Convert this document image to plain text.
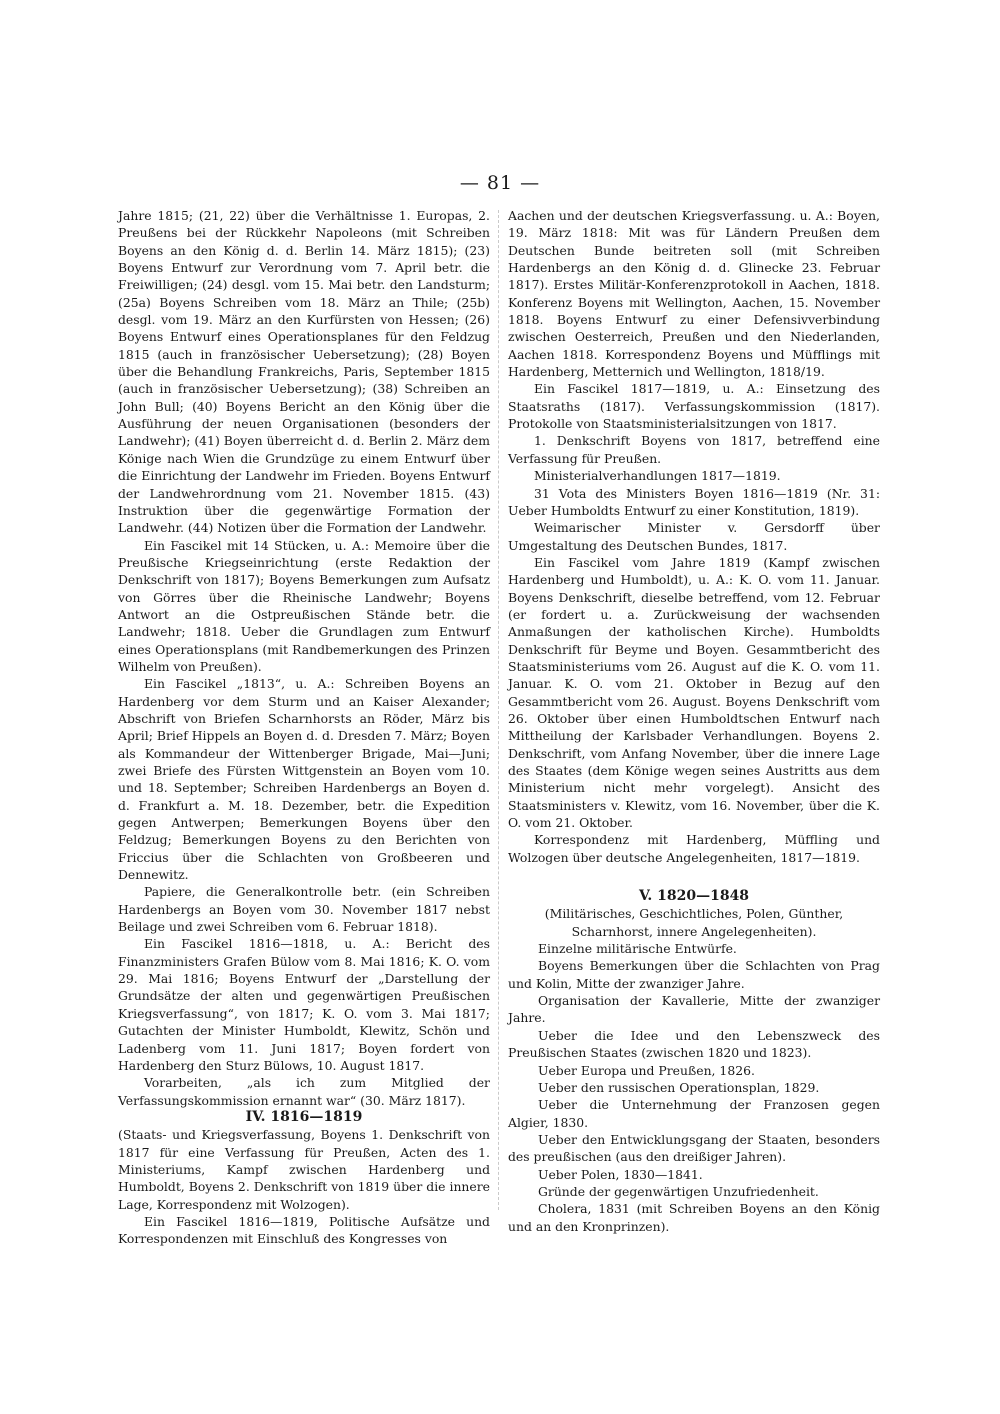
— 81 —

Jahre 1815; (21, 22) über die Verhältnisse 1. Europas, 2. Preußens bei der Rückkehr Napoleons (mit Schreiben Boyens an den König d. d. Berlin 14. März 1815); (23) Boyens Entwurf zur Verordnung vom 7. April betr. die Freiwilligen; (24) desgl. vom 15. Mai betr. den Landsturm; (25a) Boyens Schreiben vom 18. März an Thile; (25b) desgl. vom 19. März an den Kurfürsten von Hessen; (26) Boyens Entwurf eines Operationsplanes für den Feldzug 1815 (auch in französischer Uebersetzung); (28) Boyen über die Behandlung Frankreichs, Paris, September 1815 (auch in französischer Uebersetzung); (38) Schreiben an John Bull; (40) Boyens Bericht an den König über die Ausführung der neuen Organisationen (besonders der Landwehr); (41) Boyen überreicht d. d. Berlin 2. März dem Könige nach Wien die Grundzüge zu einem Entwurf über die Einrichtung der Landwehr im Frieden. Boyens Entwurf der Landwehrordnung vom 21. November 1815. (43) Instruktion über die gegenwärtige Formation der Landwehr. (44) Notizen über die Formation der Landwehr.

Ein Fascikel mit 14 Stücken, u. A.: Memoire über die Preußische Kriegseinrichtung (erste Redaktion der Denkschrift von 1817); Boyens Bemerkungen zum Aufsatz von Görres über die Rheinische Landwehr; Boyens Antwort an die Ostpreußischen Stände betr. die Landwehr; 1818. Ueber die Grundlagen zum Entwurf eines Operationsplans (mit Randbemerkungen des Prinzen Wilhelm von Preußen).

Ein Fascikel „1813“, u. A.: Schreiben Boyens an Hardenberg vor dem Sturm und an Kaiser Alexander; Abschrift von Briefen Scharnhorsts an Röder, März bis April; Brief Hippels an Boyen d. d. Dresden 7. März; Boyen als Kommandeur der Wittenberger Brigade, Mai—Juni; zwei Briefe des Fürsten Wittgenstein an Boyen vom 10. und 18. September; Schreiben Hardenbergs an Boyen d. d. Frankfurt a. M. 18. Dezember, betr. die Expedition gegen Antwerpen; Bemerkungen Boyens über den Feldzug; Bemerkungen Boyens zu den Berichten von Friccius über die Schlachten von Großbeeren und Dennewitz.

Papiere, die Generalkontrolle betr. (ein Schreiben Hardenbergs an Boyen vom 30. November 1817 nebst Beilage und zwei Schreiben vom 6. Februar 1818).

Ein Fascikel 1816—1818, u. A.: Bericht des Finanzministers Grafen Bülow vom 8. Mai 1816; K. O. vom 29. Mai 1816; Boyens Entwurf der „Darstellung der Grundsätze der alten und gegenwärtigen Preußischen Kriegsverfassung“, von 1817; K. O. vom 3. Mai 1817; Gutachten der Minister Humboldt, Klewitz, Schön und Ladenberg vom 11. Juni 1817; Boyen fordert von Hardenberg den Sturz Bülows, 10. August 1817.

Vorarbeiten, „als ich zum Mitglied der Verfassungskommission ernannt war“ (30. März 1817).

IV. 1816—1819

(Staats- und Kriegsverfassung, Boyens 1. Denkschrift von 1817 für eine Verfassung für Preußen, Acten des 1. Ministeriums, Kampf zwischen Hardenberg und Humboldt, Boyens 2. Denkschrift von 1819 über die innere Lage, Korrespondenz mit Wolzogen).

Ein Fascikel 1816—1819, Politische Aufsätze und Korrespondenzen mit Einschluß des Kongresses von

Aachen und der deutschen Kriegsverfassung. u. A.: Boyen, 19. März 1818: Mit was für Ländern Preußen dem Deutschen Bunde beitreten soll (mit Schreiben Hardenbergs an den König d. d. Glinecke 23. Februar 1817). Erstes Militär-Konferenzprotokoll in Aachen, 1818. Konferenz Boyens mit Wellington, Aachen, 15. November 1818. Boyens Entwurf zu einer Defensivverbindung zwischen Oesterreich, Preußen und den Niederlanden, Aachen 1818. Korrespondenz Boyens und Müfflings mit Hardenberg, Metternich und Wellington, 1818/19.

Ein Fascikel 1817—1819, u. A.: Einsetzung des Staatsraths (1817). Verfassungskommission (1817). Protokolle von Staatsministerialsitzungen von 1817.

1. Denkschrift Boyens von 1817, betreffend eine Verfassung für Preußen.

Ministerialverhandlungen 1817—1819.

31 Vota des Ministers Boyen 1816—1819 (Nr. 31: Ueber Humboldts Entwurf zu einer Konstitution, 1819).

Weimarischer Minister v. Gersdorff über Umgestaltung des Deutschen Bundes, 1817.

Ein Fascikel vom Jahre 1819 (Kampf zwischen Hardenberg und Humboldt), u. A.: K. O. vom 11. Januar. Boyens Denkschrift, dieselbe betreffend, vom 12. Februar (er fordert u. a. Zurückweisung der wachsenden Anmaßungen der katholischen Kirche). Humboldts Denkschrift für Beyme und Boyen. Gesammtbericht des Staatsministeriums vom 26. August auf die K. O. vom 11. Januar. K. O. vom 21. Oktober in Bezug auf den Gesammtbericht vom 26. August. Boyens Denkschrift vom 26. Oktober über einen Humboldtschen Entwurf nach Mittheilung der Karlsbader Verhandlungen. Boyens 2. Denkschrift, vom Anfang November, über die innere Lage des Staates (dem Könige wegen seines Austritts aus dem Ministerium nicht mehr vorgelegt). Ansicht des Staatsministers v. Klewitz, vom 16. November, über die K. O. vom 21. Oktober.

Korrespondenz mit Hardenberg, Müffling und Wolzogen über deutsche Angelegenheiten, 1817—1819.

V. 1820—1848

(Militärisches, Geschichtliches, Polen, Günther, Scharnhorst, innere Angelegenheiten).

Einzelne militärische Entwürfe.

Boyens Bemerkungen über die Schlachten von Prag und Kolin, Mitte der zwanziger Jahre.

Organisation der Kavallerie, Mitte der zwanziger Jahre.

Ueber die Idee und den Lebenszweck des Preußischen Staates (zwischen 1820 und 1823).

Ueber Europa und Preußen, 1826.

Ueber den russischen Operationsplan, 1829.

Ueber die Unternehmung der Franzosen gegen Algier, 1830.

Ueber den Entwicklungsgang der Staaten, besonders des preußischen (aus den dreißiger Jahren).

Ueber Polen, 1830—1841.

Gründe der gegenwärtigen Unzufriedenheit.

Cholera, 1831 (mit Schreiben Boyens an den König und an den Kronprinzen).
